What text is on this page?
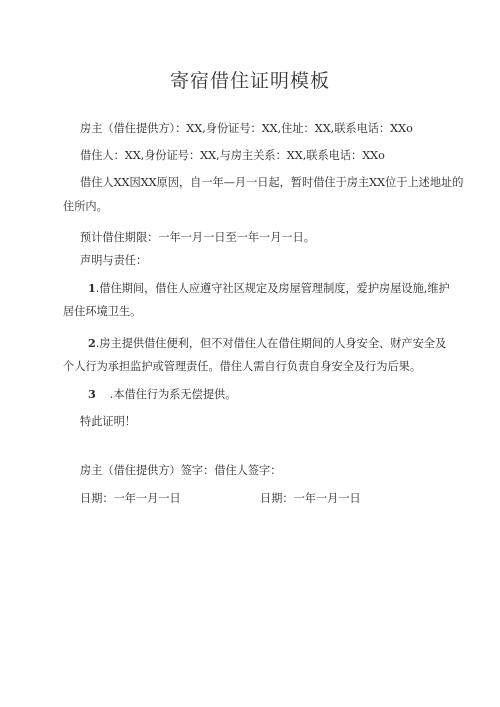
寄宿借住证明模板
房主（借住提供方）：XX,身份证号：XX,住址：XX,联系电话：XXo
借住人：XX,身份证号：XX,与房主关系：XX,联系电话：XXo
借住人XX因XX原因，自一年—月一日起，暂时借住于房主XX位于上述地址的
住所内。
预计借住期限：一年一月一日至一年一月一日。
声明与责任：
1.借住期间，借住人应遵守社区规定及房屋管理制度，爱护房屋设施,维护
居住环境卫生。
2.房主提供借住便利，但不对借住人在借住期间的人身安全、财产安全及
个人行为承担监护或管理责任。借住人需自行负责自身安全及行为后果。
3 .本借住行为系无偿提供。
特此证明！
房主（借住提供方）签字：借住人签字：
日期：一年一月一日	日期：一年一月一日
